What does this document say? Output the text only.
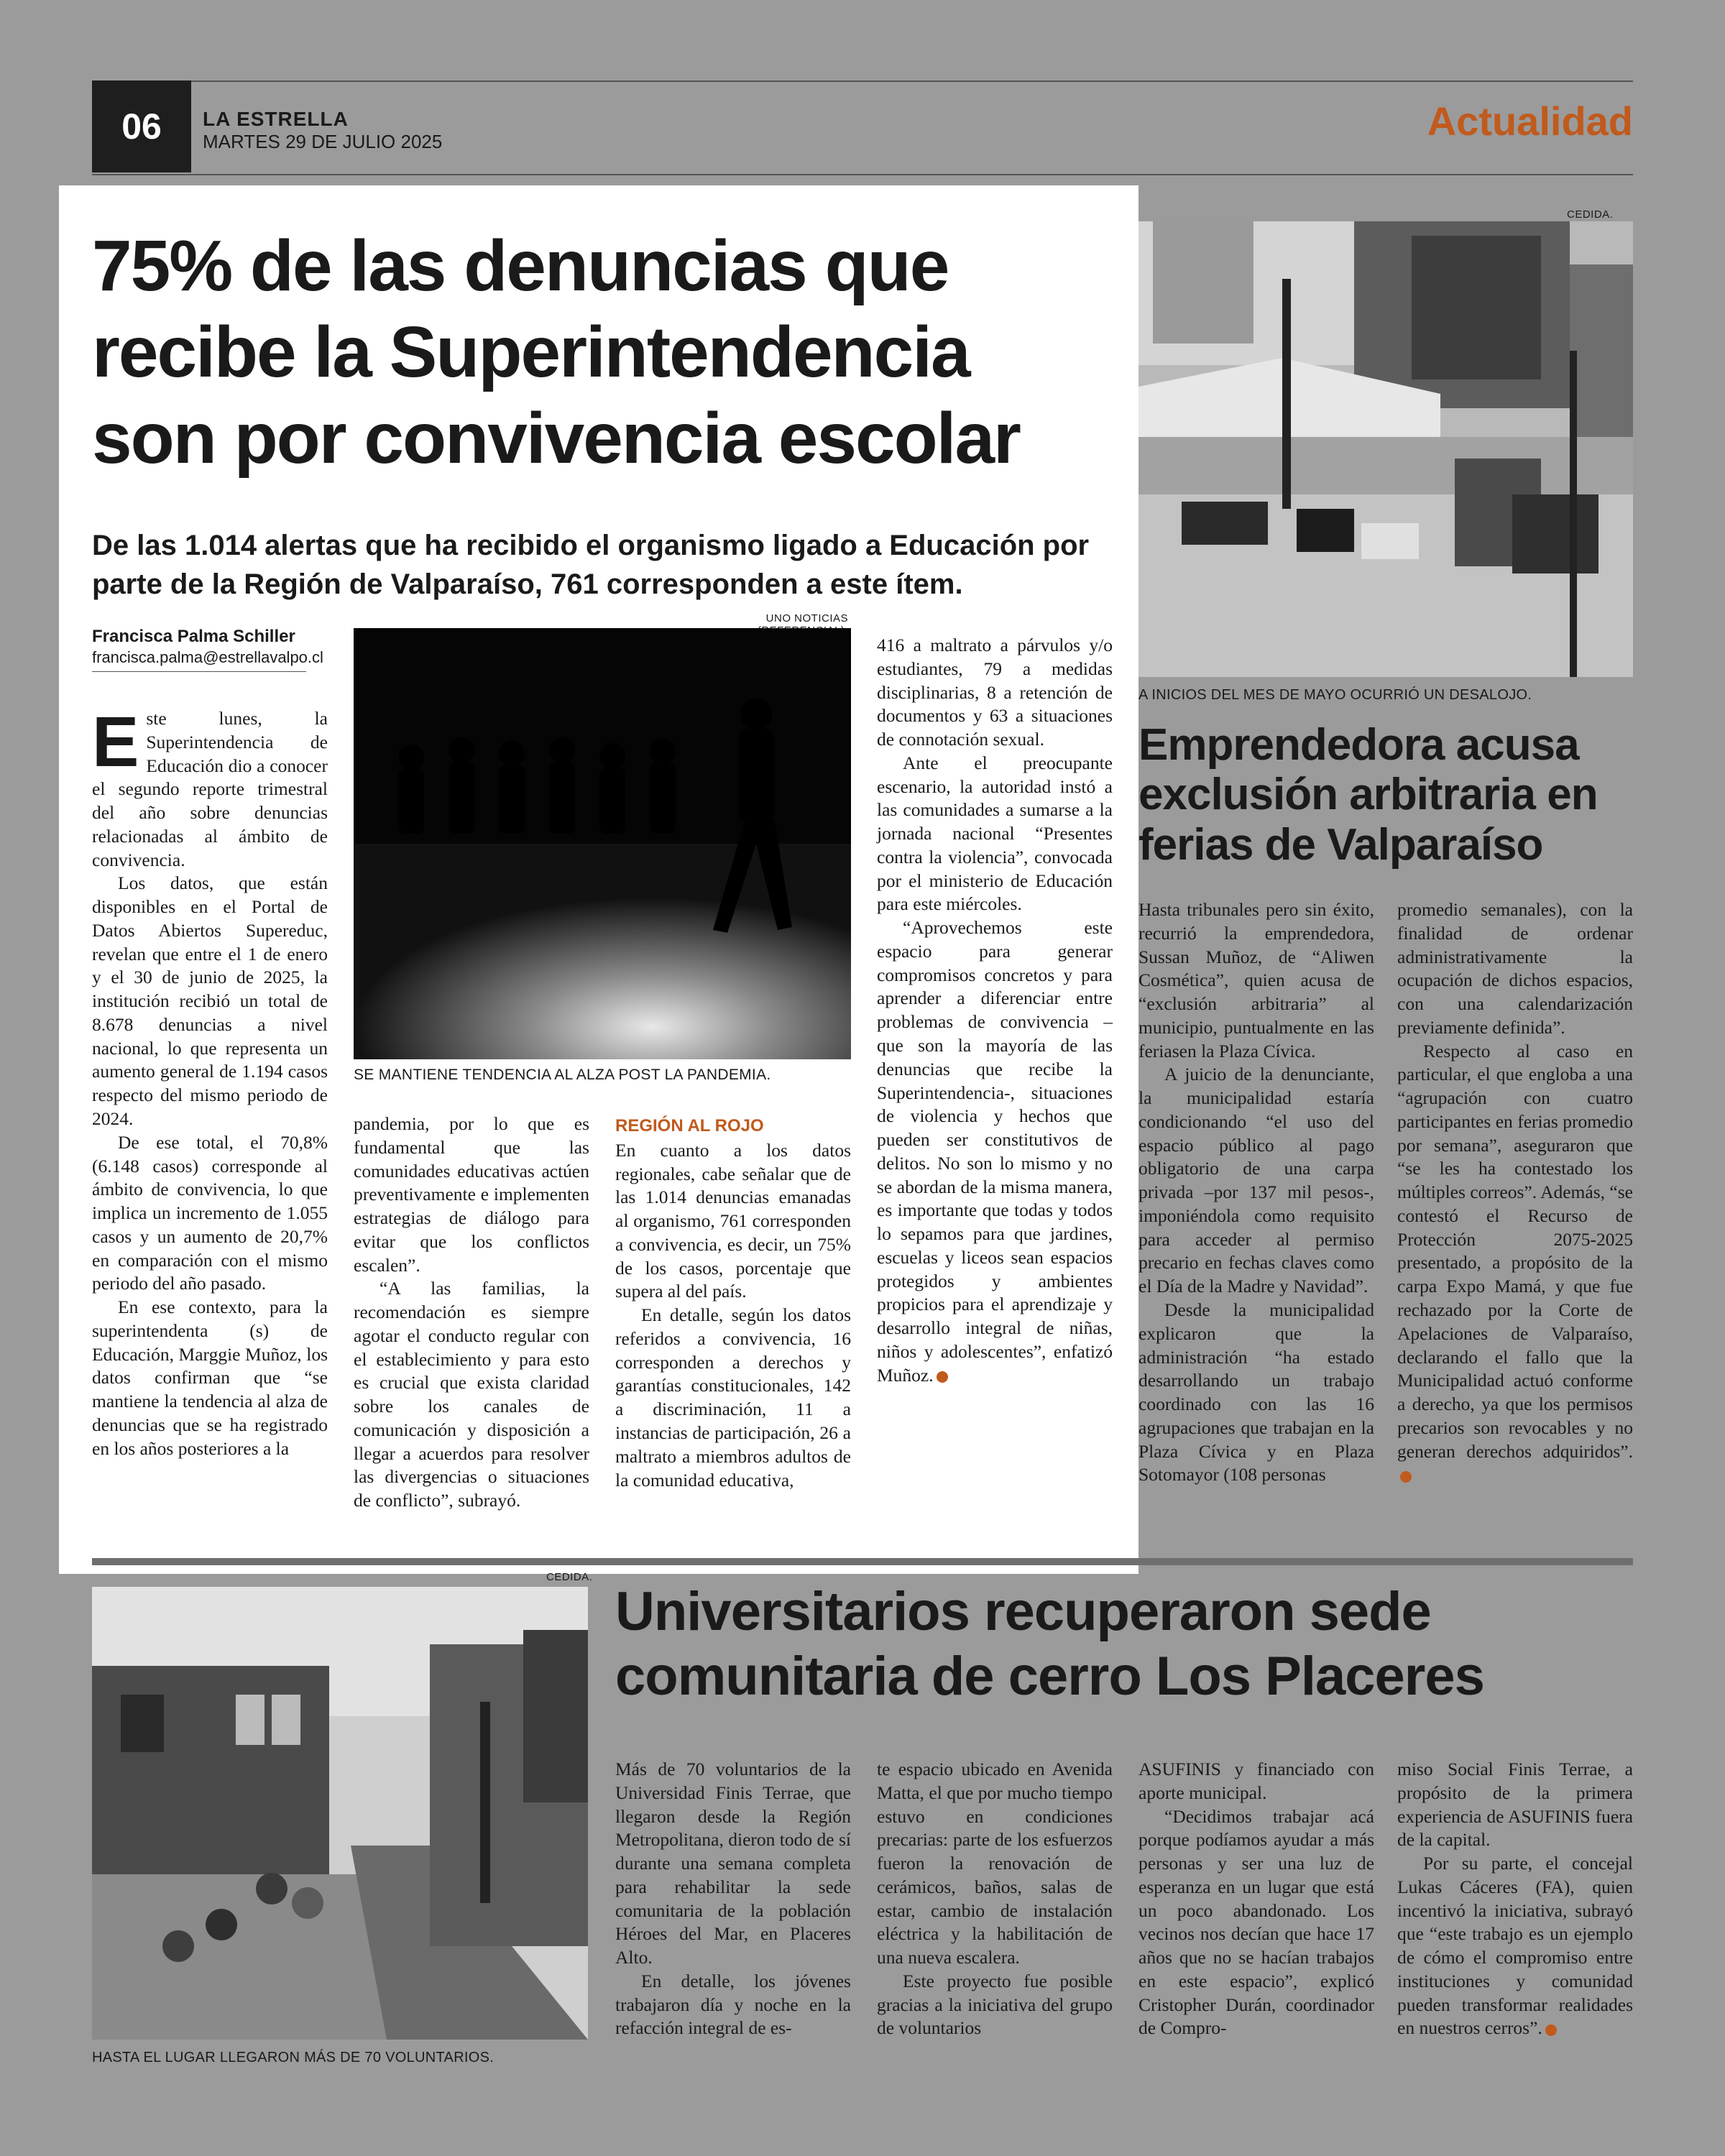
06	LA ESTRELLA
MARTES 29 DE JULIO 2025	Actualidad
75% de las denuncias que
recibe la Superintendencia
son por convivencia escolar
De las 1.014 alertas que ha recibido el organismo ligado a Educación por
parte de la Región de Valparaíso, 761 corresponden a este ítem.
Francisca Palma Schiller
francisca.palma@estrellavalpo.cl
UNO NOTICIAS
SE MANTIENE TENDENCIA AL ALZA POST LA PANDEMIA.

Este lunes, la Superintendencia de Educación dio a conocer el segundo reporte trimestral del año sobre denuncias relacionadas al ámbito de convivencia.

Los datos, que están disponibles en el Portal de Datos Abiertos Supereduc, revelan que entre el 1 de enero y el 30 de junio de 2025, la institución recibió un total de 8.678 denuncias a nivel nacional, lo que representa un aumento general de 1.194 casos respecto del mismo periodo de 2024.

De ese total, el 70,8% (6.148 casos) corresponde al ámbito de convivencia, lo que implica un incremento de 1.055 casos y un aumento de 20,7% en comparación con el mismo periodo del año pasado.

En ese contexto, para la superintendenta (s) de Educación, Marggie Muñoz, los datos confirman que “se mantiene la tendencia al alza de denuncias que se ha registrado en los años posteriores a la

pandemia, por lo que es fundamental que las comunidades educativas actúen preventivamente e implementen estrategias de diálogo para evitar que los conflictos escalen”.

“A las familias, la recomendación es siempre agotar el conducto regular con el establecimiento y para esto es crucial que exista claridad sobre los canales de comunicación y disposición a llegar a acuerdos para resolver las divergencias o situaciones de conflicto”, subrayó.

REGIÓN AL ROJO

En cuanto a los datos regionales, cabe señalar que de las 1.014 denuncias emanadas al organismo, 761 corresponden a convivencia, es decir, un 75% de los casos, porcentaje que supera al del país.

En detalle, según los datos referidos a convivencia, 16 corresponden a derechos y garantías constitucionales, 142 a discriminación, 11 a instancias de participación, 26 a maltrato a miembros adultos de la comunidad educativa,

416 a maltrato a párvulos y/o estudiantes, 79 a medidas disciplinarias, 8 a retención de documentos y 63 a situaciones de connotación sexual.

Ante el preocupante escenario, la autoridad instó a las comunidades a sumarse a la jornada nacional “Presentes contra la violencia”, convocada por el ministerio de Educación para este miércoles.

“Aprovechemos este espacio para generar compromisos concretos y para aprender a diferenciar entre problemas de convivencia – que son la mayoría de las denuncias que recibe la Superintendencia-, situaciones de violencia y hechos que pueden ser constitutivos de delitos. No son lo mismo y no se abordan de la misma manera, es importante que todas y todos lo sepamos para que jardines, escuelas y liceos sean espacios protegidos y ambientes propicios para el aprendizaje y desarrollo integral de niñas, niños y adolescentes”, enfatizó Muñoz.

CEDIDA.
A INICIOS DEL MES DE MAYO OCURRIÓ UN DESALOJO.
Emprendedora acusa
exclusión arbitraria en
ferias de Valparaíso

Hasta tribunales pero sin éxito, recurrió la emprendedora, Sussan Muñoz, de “Aliwen Cosmética”, quien acusa de “exclusión arbitraria” al municipio, puntualmente en las feriasen la Plaza Cívica.

A juicio de la denunciante, la municipalidad estaría condicionando “el uso del espacio público al pago obligatorio de una carpa privada –por 137 mil pesos-, imponiéndola como requisito para acceder al permiso precario en fechas claves como el Día de la Madre y Navidad”.

Desde la municipalidad explicaron que la administración “ha estado desarrollando un trabajo coordinado con las 16 agrupaciones que trabajan en la Plaza Cívica y en Plaza Sotomayor (108 personas

promedio semanales), con la finalidad de ordenar administrativamente la ocupación de dichos espacios, con una calendarización previamente definida”.

Respecto al caso en particular, el que engloba a una “agrupación con cuatro participantes en ferias promedio por semana”, aseguraron que “se les ha contestado los múltiples correos”. Además, “se contestó el Recurso de Protección 2075-2025 presentado, a propósito de la carpa Expo Mamá, y que fue rechazado por la Corte de Apelaciones de Valparaíso, declarando el fallo que la Municipalidad actuó conforme a derecho, ya que los permisos precarios son revocables y no generan derechos adquiridos”.

CEDIDA.
HASTA EL LUGAR LLEGARON MÁS DE 70 VOLUNTARIOS.
Universitarios recuperaron sede
comunitaria de cerro Los Placeres

Más de 70 voluntarios de la Universidad Finis Terrae, que llegaron desde la Región Metropolitana, dieron todo de sí durante una semana completa para rehabilitar la sede comunitaria de la población Héroes del Mar, en Placeres Alto.

En detalle, los jóvenes trabajaron día y noche en la refacción integral de es-

te espacio ubicado en Avenida Matta, el que por mucho tiempo estuvo en condiciones precarias: parte de los esfuerzos fueron la renovación de cerámicos, baños, salas de estar, cambio de instalación eléctrica y la habilitación de una nueva escalera.

Este proyecto fue posible gracias a la iniciativa del grupo de voluntarios

ASUFINIS y financiado con aporte municipal.

“Decidimos trabajar acá porque podíamos ayudar a más personas y ser una luz de esperanza en un lugar que está un poco abandonado. Los vecinos nos decían que hace 17 años que no se hacían trabajos en este espacio”, explicó Cristopher Durán, coordinador de Compro-

miso Social Finis Terrae, a propósito de la primera experiencia de ASUFINIS fuera de la capital.

Por su parte, el concejal Lukas Cáceres (FA), quien incentivó la iniciativa, subrayó que “este trabajo es un ejemplo de cómo el compromiso entre instituciones y comunidad pueden transformar realidades en nuestros cerros”.
